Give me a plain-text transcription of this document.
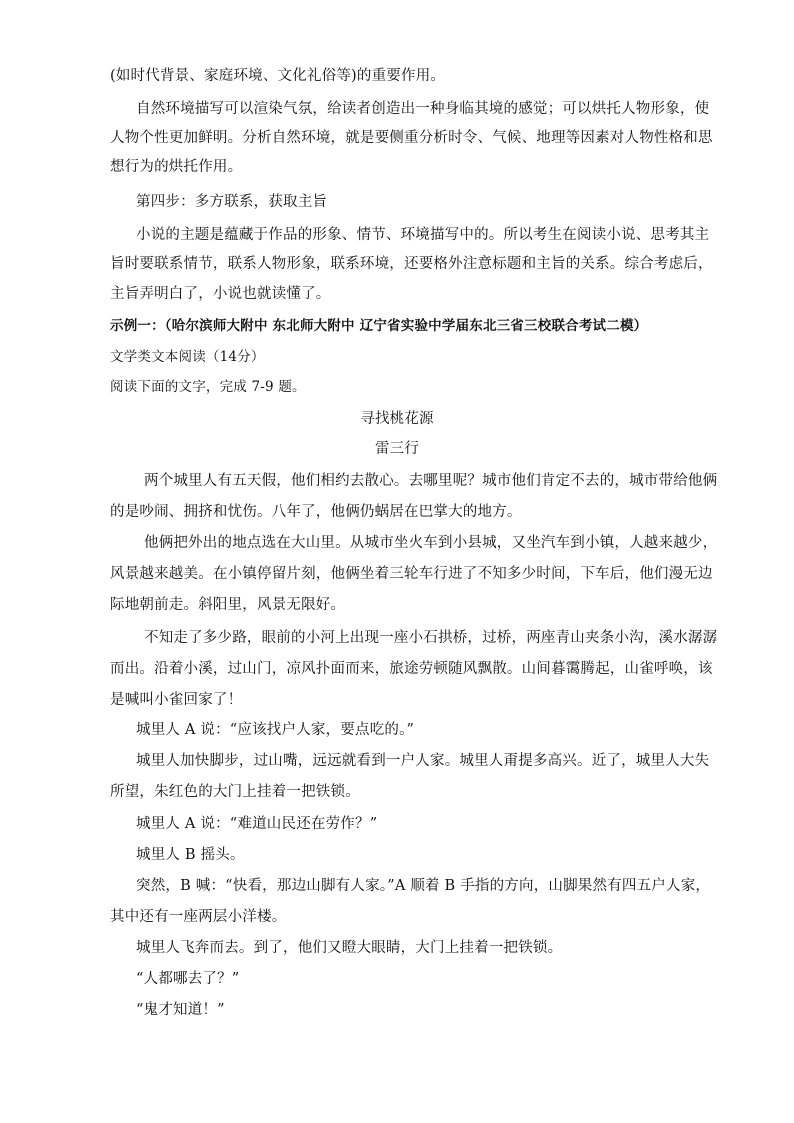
(如时代背景、家庭环境、文化礼俗等)的重要作用。
自然环境描写可以渲染气氛，给读者创造出一种身临其境的感觉；可以烘托人物形象，使
人物个性更加鲜明。分析自然环境，就是要侧重分析时令、气候、地理等因素对人物性格和思
想行为的烘托作用。
第四步：多方联系，获取主旨
小说的主题是蕴藏于作品的形象、情节、环境描写中的。所以考生在阅读小说、思考其主
旨时要联系情节，联系人物形象，联系环境，还要格外注意标题和主旨的关系。综合考虑后，
主旨弄明白了，小说也就读懂了。
示例一：（哈尔滨师大附中 东北师大附中 辽宁省实验中学届东北三省三校联合考试二模）
文学类文本阅读（14分）
阅读下面的文字，完成 7-9 题。
寻找桃花源
雷三行
两个城里人有五天假，他们相约去散心。去哪里呢？城市他们肯定不去的，城市带给他俩
的是吵闹、拥挤和忧伤。八年了，他俩仍蜗居在巴掌大的地方。
他俩把外出的地点选在大山里。从城市坐火车到小县城，又坐汽车到小镇，人越来越少，
风景越来越美。在小镇停留片刻，他俩坐着三轮车行进了不知多少时间，下车后，他们漫无边
际地朝前走。斜阳里，风景无限好。
不知走了多少路，眼前的小河上出现一座小石拱桥，过桥，两座青山夹条小沟，溪水潺潺
而出。沿着小溪，过山门，凉风扑面而来，旅途劳顿随风飘散。山间暮霭腾起，山雀呼唤，该
是喊叫小雀回家了！
城里人 A 说：“应该找户人家，要点吃的。”
城里人加快脚步，过山嘴，远远就看到一户人家。城里人甭提多高兴。近了，城里人大失
所望，朱红色的大门上挂着一把铁锁。
城里人 A 说：“难道山民还在劳作？”
城里人 B 摇头。
突然，B 喊：“快看，那边山脚有人家。”A 顺着 B 手指的方向，山脚果然有四五户人家，
其中还有一座两层小洋楼。
城里人飞奔而去。到了，他们又瞪大眼睛，大门上挂着一把铁锁。
“人都哪去了？”
“鬼才知道！”
